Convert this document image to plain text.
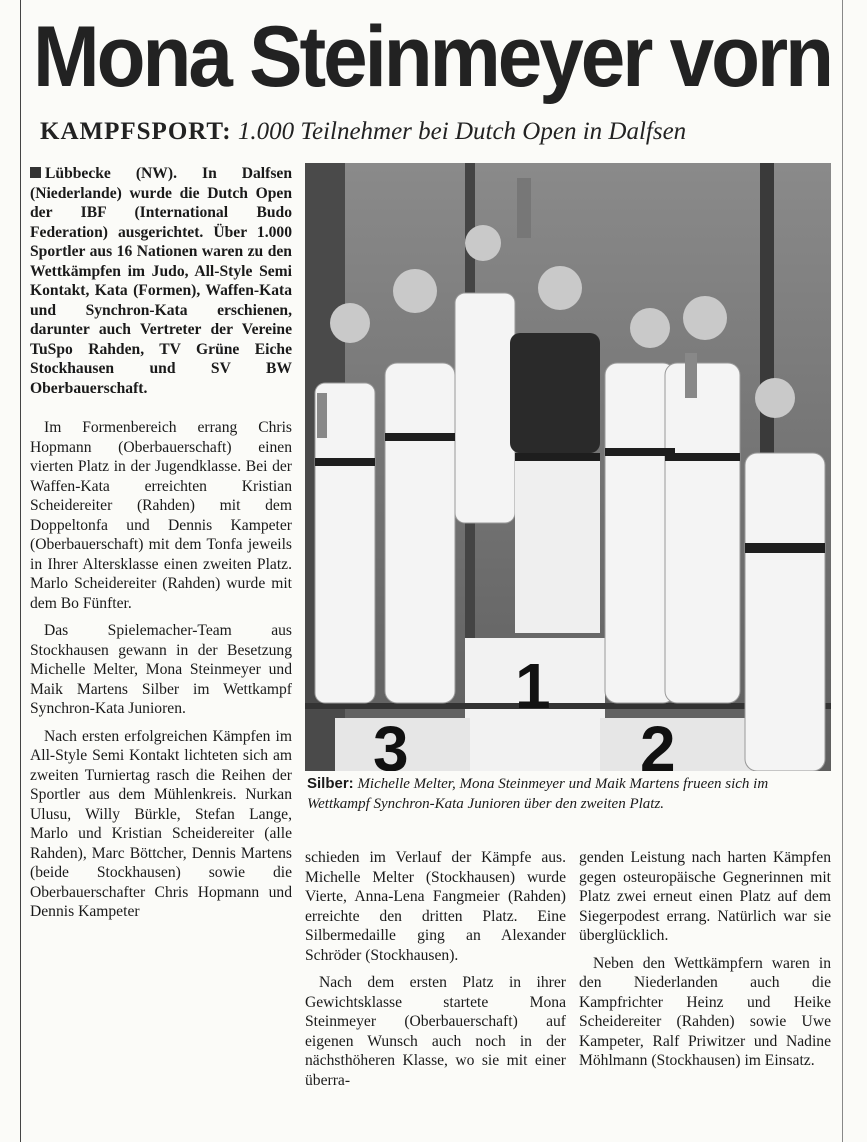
Mona Steinmeyer vorn
KAMPFSPORT: 1.000 Teilnehmer bei Dutch Open in Dalfsen

Lübbecke (NW). In Dalfsen (Niederlande) wurde die Dutch Open der IBF (International Budo Federation) ausgerichtet. Über 1.000 Sportler aus 16 Nationen waren zu den Wettkämpfen im Judo, All-Style Semi Kontakt, Kata (Formen), Waffen-Kata und Synchron-Kata erschienen, darunter auch Vertreter der Vereine TuSpo Rahden, TV Grüne Eiche Stockhausen und SV BW Oberbauerschaft.

Im Formenbereich errang Chris Hopmann (Oberbauerschaft) einen vierten Platz in der Jugendklasse. Bei der Waffen-Kata erreichten Kristian Scheidereiter (Rahden) mit dem Doppeltonfa und Dennis Kampeter (Oberbauerschaft) mit dem Tonfa jeweils in Ihrer Altersklasse einen zweiten Platz. Marlo Scheidereiter (Rahden) wurde mit dem Bo Fünfter.

Das Spielemacher-Team aus Stockhausen gewann in der Besetzung Michelle Melter, Mona Steinmeyer und Maik Martens Silber im Wettkampf Synchron-Kata Junioren.

Nach ersten erfolgreichen Kämpfen im All-Style Semi Kontakt lichteten sich am zweiten Turniertag rasch die Reihen der Sportler aus dem Mühlenkreis. Nurkan Ulusu, Willy Bürkle, Stefan Lange, Marlo und Kristian Scheidereiter (alle Rahden), Marc Böttcher, Dennis Martens (beide Stockhausen) sowie die Oberbauerschafter Chris Hopmann und Dennis Kampeter

3
1
2
Silber: Michelle Melter, Mona Steinmeyer und Maik Martens frueen sich im Wettkampf Synchron-Kata Junioren über den zweiten Platz.

schieden im Verlauf der Kämpfe aus. Michelle Melter (Stockhausen) wurde Vierte, Anna-Lena Fangmeier (Rahden) erreichte den dritten Platz. Eine Silbermedaille ging an Alexander Schröder (Stockhausen).

Nach dem ersten Platz in ihrer Gewichtsklasse startete Mona Steinmeyer (Oberbauerschaft) auf eigenen Wunsch auch noch in der nächsthöheren Klasse, wo sie mit einer überra-

genden Leistung nach harten Kämpfen gegen osteuropäische Gegnerinnen mit Platz zwei erneut einen Platz auf dem Siegerpodest errang. Natürlich war sie überglücklich.

Neben den Wettkämpfern waren in den Niederlanden auch die Kampfrichter Heinz und Heike Scheidereiter (Rahden) sowie Uwe Kampeter, Ralf Priwitzer und Nadine Möhlmann (Stockhausen) im Einsatz.
